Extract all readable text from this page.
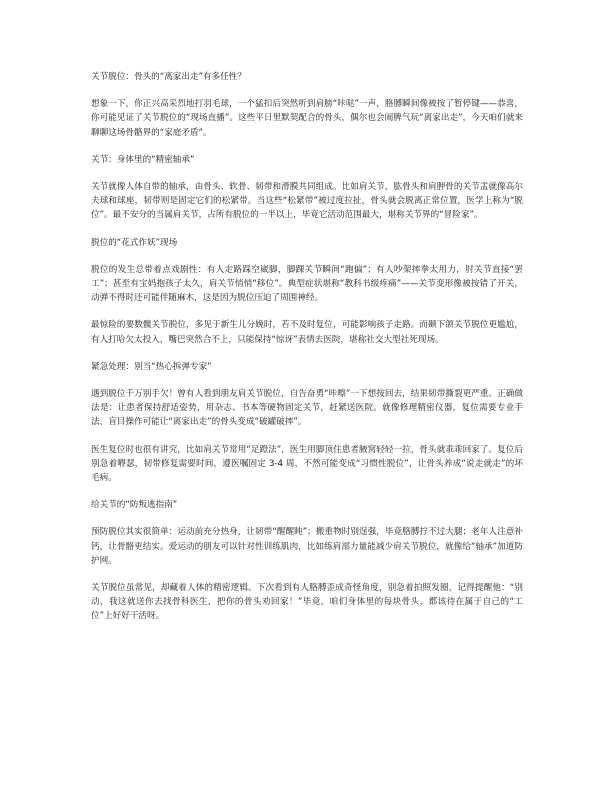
关节脱位：骨头的“离家出走”有多任性？

想象一下，你正兴高采烈地打羽毛球，一个猛扣后突然听到肩膀“咔哒”一声，胳膊瞬间像被按了暂停键——恭喜，你可能见证了关节脱位的“现场直播”。这些平日里默契配合的骨头，偶尔也会闹脾气玩“离家出走”，今天咱们就来聊聊这场骨骼界的“家庭矛盾”。

关节：身体里的“精密轴承”

关节就像人体自带的轴承，由骨头、软骨、韧带和滑膜共同组成。比如肩关节，肱骨头和肩胛骨的关节盂就像高尔夫球和球座，韧带则是固定它们的松紧带。当这些“松紧带”被过度拉扯，骨头就会脱离正常位置，医学上称为“脱位”。最不安分的当属肩关节，占所有脱位的一半以上，毕竟它活动范围最大，堪称关节界的“冒险家”。

脱位的“花式作妖”现场

脱位的发生总带着点戏剧性：有人走路踩空崴脚，脚踝关节瞬间“跑偏”；有人吵架摔拳太用力，肘关节直接“罢工”；甚至有宝妈抱孩子太久，肩关节悄悄“移位”。典型症状堪称“教科书级疼痛”——关节变形像被按错了开关，动弹不得时还可能伴随麻木，这是因为脱位压迫了周围神经。

最惊险的要数髋关节脱位，多见于新生儿分娩时，若不及时复位，可能影响孩子走路。而颞下颌关节脱位更尴尬，有人打哈欠太投入，嘴巴突然合不上，只能保持“惊讶”表情去医院，堪称社交大型社死现场。

紧急处理：别当“热心拆弹专家”

遇到脱位千万别手欠！曾有人看到朋友肩关节脱位，自告奋勇“咔嚓”一下想按回去，结果韧带撕裂更严重。正确做法是：让患者保持舒适姿势，用杂志、书本等硬物固定关节，赶紧送医院。就像修理精密仪器，复位需要专业手法，盲目操作可能让“离家出走”的骨头变成“破罐破摔”。

医生复位时也很有讲究，比如肩关节常用“足蹬法”，医生用脚顶住患者腋窝轻轻一拉，骨头就乖乖回家了。复位后别急着嘚瑟，韧带修复需要时间，遵医嘱固定 3-4 周，不然可能变成“习惯性脱位”，让骨头养成“说走就走”的坏毛病。

给关节的“防叛逃指南”

预防脱位其实很简单：运动前充分热身，让韧带“醒醒盹”；搬重物时别逞强，毕竟胳膊拧不过大腿；老年人注意补钙，让骨骼更结实。爱运动的朋友可以针对性训练肌肉，比如练肩部力量能减少肩关节脱位，就像给“轴承”加道防护网。

关节脱位虽常见，却藏着人体的精密逻辑。下次看到有人胳膊歪成奇怪角度，别急着拍照发圈，记得提醒他：“别动，我这就送你去找骨科医生，把你的骨头劝回家！”毕竟，咱们身体里的每块骨头，都该待在属于自己的“工位”上好好干活呀。
